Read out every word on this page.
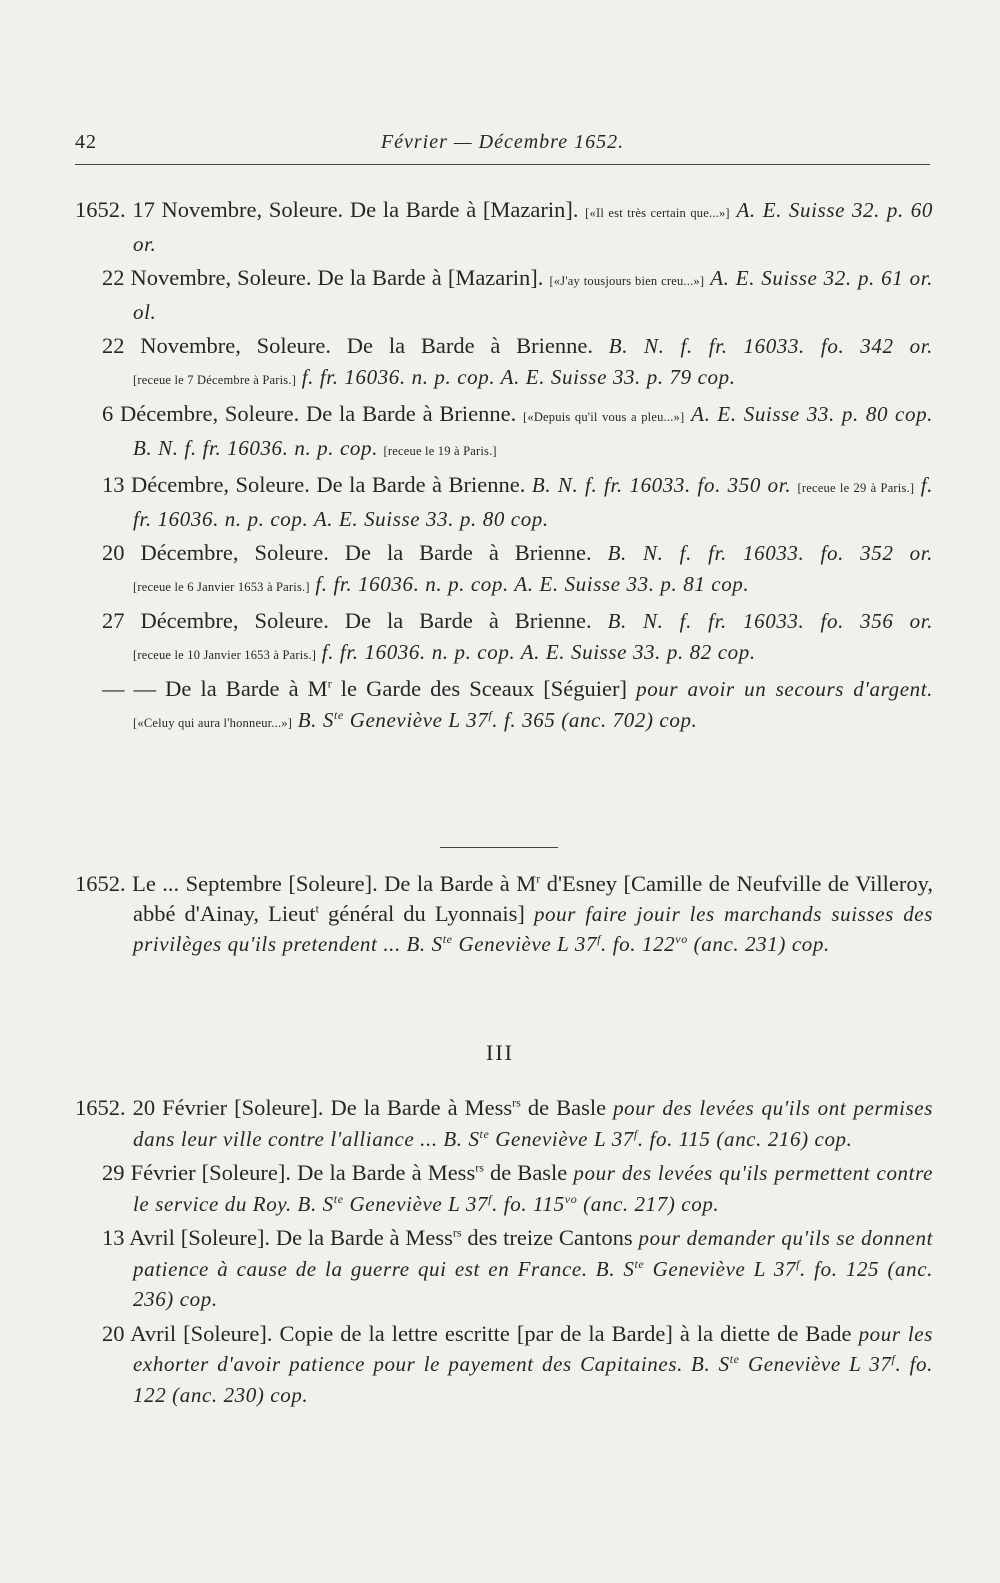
42	Février — Décembre 1652.

1652. 17 Novembre, Soleure. De la Barde à [Mazarin]. [«Il est très certain que...»] A. E. Suisse 32. p. 60 or.

22 Novembre, Soleure. De la Barde à [Mazarin]. [«J'ay tousjours bien creu...»] A. E. Suisse 32. p. 61 or. ol.

22 Novembre, Soleure. De la Barde à Brienne. B. N. f. fr. 16033. fo. 342 or. [receue le 7 Décembre à Paris.] f. fr. 16036. n. p. cop. A. E. Suisse 33. p. 79 cop.

6 Décembre, Soleure. De la Barde à Brienne. [«Depuis qu'il vous a pleu...»] A. E. Suisse 33. p. 80 cop. B. N. f. fr. 16036. n. p. cop. [receue le 19 à Paris.]

13 Décembre, Soleure. De la Barde à Brienne. B. N. f. fr. 16033. fo. 350 or. [receue le 29 à Paris.] f. fr. 16036. n. p. cop. A. E. Suisse 33. p. 80 cop.

20 Décembre, Soleure. De la Barde à Brienne. B. N. f. fr. 16033. fo. 352 or. [receue le 6 Janvier 1653 à Paris.] f. fr. 16036. n. p. cop. A. E. Suisse 33. p. 81 cop.

27 Décembre, Soleure. De la Barde à Brienne. B. N. f. fr. 16033. fo. 356 or. [receue le 10 Janvier 1653 à Paris.] f. fr. 16036. n. p. cop. A. E. Suisse 33. p. 82 cop.

— — De la Barde à $M^r$ le Garde des Sceaux [Séguier] pour avoir un secours d'argent. [«Celuy qui aura l'honneur...»] B. $S^{te}$ Geneviève L 37$^f$. f. 365 (anc. 702) cop.

1652. Le ... Septembre [Soleure]. De la Barde à $M^r$ d'Esney [Camille de Neufville de Villeroy, abbé d'Ainay, Lieut$^t$ général du Lyonnais] pour faire jouir les marchands suisses des privilèges qu'ils pretendent ... B. $S^{te}$ Geneviève L 37$^f$. fo. $122^{vo}$ (anc. 231) cop.

III

1652. 20 Février [Soleure]. De la Barde à Mess$^{rs}$ de Basle pour des levées qu'ils ont permises dans leur ville contre l'alliance ... B. $S^{te}$ Geneviève L 37$^f$. fo. 115 (anc. 216) cop.

29 Février [Soleure]. De la Barde à Mess$^{rs}$ de Basle pour des levées qu'ils permettent contre le service du Roy. B. $S^{te}$ Geneviève L 37$^f$. fo. $115^{vo}$ (anc. 217) cop.

13 Avril [Soleure]. De la Barde à Mess$^{rs}$ des treize Cantons pour demander qu'ils se donnent patience à cause de la guerre qui est en France. B. $S^{te}$ Geneviève L 37$^f$. fo. 125 (anc. 236) cop.

20 Avril [Soleure]. Copie de la lettre escritte [par de la Barde] à la diette de Bade pour les exhorter d'avoir patience pour le payement des Capitaines. B. $S^{te}$ Geneviève L 37$^f$. fo. 122 (anc. 230) cop.
